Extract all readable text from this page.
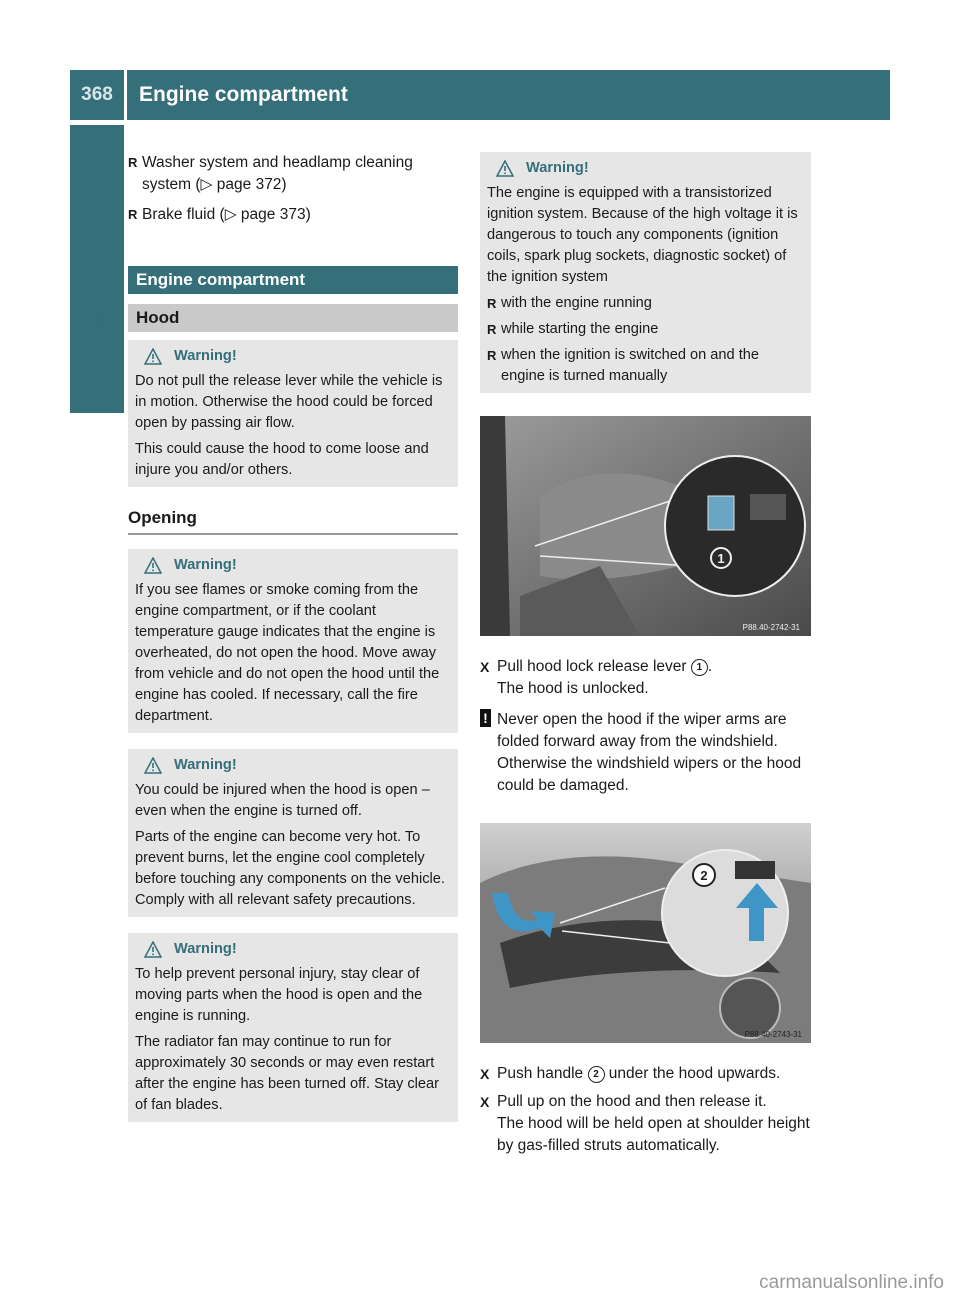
368	Engine compartment
Operation

R Washer system and headlamp cleaning system (▷ page 372)

R Brake fluid (▷ page 373)

Engine compartment
Hood
Warning!

Do not pull the release lever while the vehicle is in motion. Otherwise the hood could be forced open by passing air flow.

This could cause the hood to come loose and injure you and/or others.

Opening
Warning!

If you see flames or smoke coming from the engine compartment, or if the coolant temperature gauge indicates that the engine is overheated, do not open the hood. Move away from vehicle and do not open the hood until the engine has cooled. If necessary, call the fire department.

Warning!

You could be injured when the hood is open – even when the engine is turned off.

Parts of the engine can become very hot. To prevent burns, let the engine cool completely before touching any components on the vehicle. Comply with all relevant safety precautions.

Warning!

To help prevent personal injury, stay clear of moving parts when the hood is open and the engine is running.

The radiator fan may continue to run for approximately 30 seconds or may even restart after the engine has been turned off. Stay clear of fan blades.

Warning!

The engine is equipped with a transistorized ignition system. Because of the high voltage it is dangerous to touch any components (ignition coils, spark plug sockets, diagnostic socket) of the ignition system

R with the engine running

R while starting the engine

R when the ignition is switched on and the engine is turned manually

1
P88.40-2742-31

X Pull hood lock release lever 1 .

The hood is unlocked.

! Never open the hood if the wiper arms are folded forward away from the windshield. Otherwise the windshield wipers or the hood could be damaged.

2
P88.40-2743-31

X Push handle 2 under the hood upwards.

X Pull up on the hood and then release it.

The hood will be held open at shoulder height by gas-filled struts automatically.

carmanualsonline.info
